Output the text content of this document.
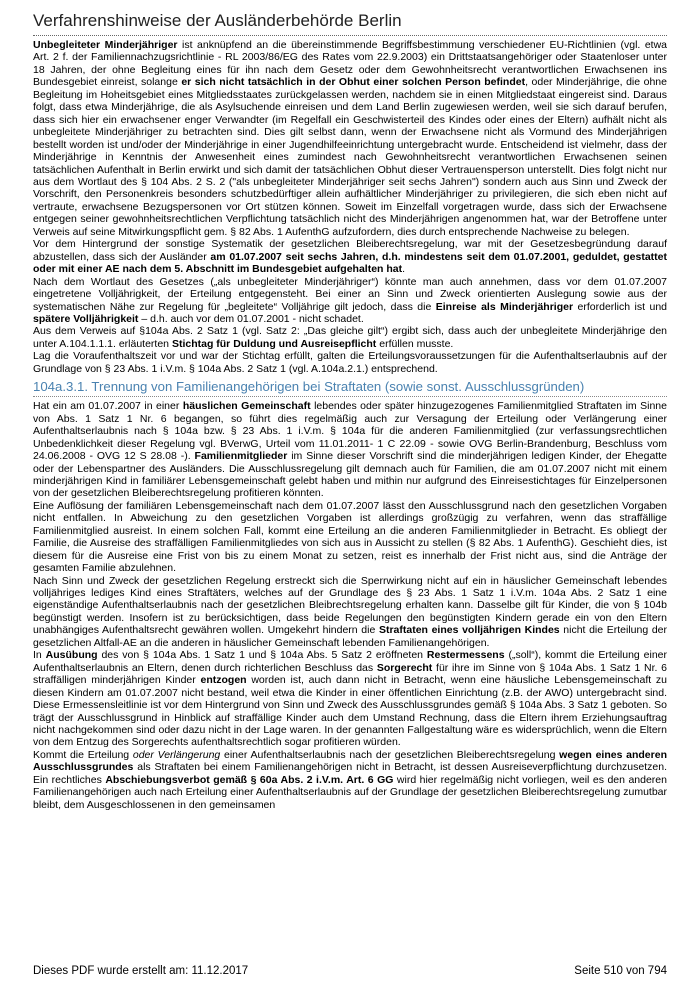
Verfahrenshinweise der Ausländerbehörde Berlin

Unbegleiteter Minderjähriger ist anknüpfend an die übereinstimmende Begriffsbestimmung verschiedener EU-Richtlinien (vgl. etwa Art. 2 f. der Familiennachzugsrichtlinie - RL 2003/86/EG des Rates vom 22.9.2003) ein Drittstaatsangehöriger oder Staatenloser unter 18 Jahren, der ohne Begleitung eines für ihn nach dem Gesetz oder dem Gewohnheitsrecht verantwortlichen Erwachsenen ins Bundesgebiet einreist, solange er sich nicht tatsächlich in der Obhut einer solchen Person befindet, oder Minderjährige, die ohne Begleitung im Hoheitsgebiet eines Mitgliedsstaates zurückgelassen werden, nachdem sie in einen Mitgliedstaat eingereist sind. Daraus folgt, dass etwa Minderjährige, die als Asylsuchende einreisen und dem Land Berlin zugewiesen werden, weil sie sich darauf berufen, dass sich hier ein erwachsener enger Verwandter (im Regelfall ein Geschwisterteil des Kindes oder eines der Eltern) aufhält nicht als unbegleitete Minderjähriger zu betrachten sind. Dies gilt selbst dann, wenn der Erwachsene nicht als Vormund des Minderjährigen bestellt worden ist und/oder der Minderjährige in einer Jugendhilfeeinrichtung untergebracht wurde. Entscheidend ist vielmehr, dass der Minderjährige in Kenntnis der Anwesenheit eines zumindest nach Gewohnheitsrecht verantwortlichen Erwachsenen seinen tatsächlichen Aufenthalt in Berlin erwirkt und sich damit der tatsächlichen Obhut dieser Vertrauensperson unterstellt. Dies folgt nicht nur aus dem Wortlaut des § 104 Abs. 2 S. 2 ("als unbegleiteter Minderjähriger seit sechs Jahren") sondern auch aus Sinn und Zweck der Vorschrift, den Personenkreis besonders schutzbedürftiger allein aufhältlicher Minderjähriger zu privilegieren, die sich eben nicht auf vertraute, erwachsene Bezugspersonen vor Ort stützen können. Soweit im Einzelfall vorgetragen wurde, dass sich der Erwachsene entgegen seiner gewohnheitsrechtlichen Verpflichtung tatsächlich nicht des Minderjährigen angenommen hat, war der Betroffene unter Verweis auf seine Mitwirkungspflicht gem. § 82 Abs. 1 AufenthG aufzufordern, dies durch entsprechende Nachweise zu belegen.

Vor dem Hintergrund der sonstige Systematik der gesetzlichen Bleiberechtsregelung, war mit der Gesetzesbegründung darauf abzustellen, dass sich der Ausländer am 01.07.2007 seit sechs Jahren, d.h. mindestens seit dem 01.07.2001, geduldet, gestattet oder mit einer AE nach dem 5. Abschnitt im Bundesgebiet aufgehalten hat.

Nach dem Wortlaut des Gesetzes („als unbegleiteter Minderjähriger“) könnte man auch annehmen, dass vor dem 01.07.2007 eingetretene Volljährigkeit, der Erteilung entgegensteht. Bei einer an Sinn und Zweck orientierten Auslegung sowie aus der systematischen Nähe zur Regelung für „begleitete“ Volljährige gilt jedoch, dass die Einreise als Minderjähriger erforderlich ist und spätere Volljährigkeit – d.h. auch vor dem 01.07.2001 - nicht schadet.

Aus dem Verweis auf §104a Abs. 2 Satz 1 (vgl. Satz 2: „Das gleiche gilt“) ergibt sich, dass auch der unbegleitete Minderjährige den unter A.104.1.1.1. erläuterten Stichtag für Duldung und Ausreisepflicht erfüllen musste.

Lag die Voraufenthaltszeit vor und war der Stichtag erfüllt, galten die Erteilungsvoraussetzungen für die Aufenthaltserlaubnis auf der Grundlage von § 23 Abs. 1 i.V.m. § 104a Abs. 2 Satz 1 (vgl. A.104a.2.1.) entsprechend.

104a.3.1. Trennung von Familienangehörigen bei Straftaten (sowie sonst. Ausschlussgründen)

Hat ein am 01.07.2007 in einer häuslichen Gemeinschaft lebendes oder später hinzugezogenes Familienmitglied Straftaten im Sinne von Abs. 1 Satz 1 Nr. 6 begangen, so führt dies regelmäßig auch zur Versagung der Erteilung oder Verlängerung einer Aufenthaltserlaubnis nach § 104a bzw. § 23 Abs. 1 i.V.m. § 104a für die anderen Familienmitglied (zur verfassungsrechtlichen Unbedenklichkeit dieser Regelung vgl. BVerwG, Urteil vom 11.01.2011- 1 C 22.09 - sowie OVG Berlin-Brandenburg, Beschluss vom 24.06.2008 - OVG 12 S 28.08 -). Familienmitglieder im Sinne dieser Vorschrift sind die minderjährigen ledigen Kinder, der Ehegatte oder der Lebenspartner des Ausländers. Die Ausschlussregelung gilt demnach auch für Familien, die am 01.07.2007 nicht mit einem minderjährigen Kind in familiärer Lebensgemeinschaft gelebt haben und mithin nur aufgrund des Einreisestichtages für Einzelpersonen von der gesetzlichen Bleiberechtsregelung profitieren könnten.

Eine Auflösung der familiären Lebensgemeinschaft nach dem 01.07.2007 lässt den Ausschlussgrund nach den gesetzlichen Vorgaben nicht entfallen. In Abweichung zu den gesetzlichen Vorgaben ist allerdings großzügig zu verfahren, wenn das straffällige Familienmitglied ausreist. In einem solchen Fall, kommt eine Erteilung an die anderen Familienmitglieder in Betracht. Es obliegt der Familie, die Ausreise des straffälligen Familienmitgliedes von sich aus in Aussicht zu stellen (§ 82 Abs. 1 AufenthG). Geschieht dies, ist diesem für die Ausreise eine Frist von bis zu einem Monat zu setzen, reist es innerhalb der Frist nicht aus, sind die Anträge der gesamten Familie abzulehnen.

Nach Sinn und Zweck der gesetzlichen Regelung erstreckt sich die Sperrwirkung nicht auf ein in häuslicher Gemeinschaft lebendes volljähriges lediges Kind eines Straftäters, welches auf der Grundlage des § 23 Abs. 1 Satz 1 i.V.m. 104a Abs. 2 Satz 1 eine eigenständige Aufenthaltserlaubnis nach der gesetzlichen Bleibrechtsregelung erhalten kann. Dasselbe gilt für Kinder, die von § 104b begünstigt werden. Insofern ist zu berücksichtigen, dass beide Regelungen den begünstigten Kindern gerade ein von den Eltern unabhängiges Aufenthaltsrecht gewähren wollen. Umgekehrt hindern die Straftaten eines volljährigen Kindes nicht die Erteilung der gesetzlichen Altfall-AE an die anderen in häuslicher Gemeinschaft lebenden Familienangehörigen.

In Ausübung des von § 104a Abs. 1 Satz 1 und § 104a Abs. 5 Satz 2 eröffneten Restermessens („soll“), kommt die Erteilung einer Aufenthaltserlaubnis an Eltern, denen durch richterlichen Beschluss das Sorgerecht für ihre im Sinne von § 104a Abs. 1 Satz 1 Nr. 6 straffälligen minderjährigen Kinder entzogen worden ist, auch dann nicht in Betracht, wenn eine häusliche Lebensgemeinschaft zu diesen Kindern am 01.07.2007 nicht bestand, weil etwa die Kinder in einer öffentlichen Einrichtung (z.B. der AWO) untergebracht sind. Diese Ermessensleitlinie ist vor dem Hintergrund von Sinn und Zweck des Ausschlussgrundes gemäß § 104a Abs. 3 Satz 1 geboten. So trägt der Ausschlussgrund in Hinblick auf straffällige Kinder auch dem Umstand Rechnung, dass die Eltern ihrem Erziehungsauftrag nicht nachgekommen sind oder dazu nicht in der Lage waren. In der genannten Fallgestaltung wäre es widersprüchlich, wenn die Eltern von dem Entzug des Sorgerechts aufenthaltsrechtlich sogar profitieren würden.

Kommt die Erteilung oder Verlängerung einer Aufenthaltserlaubnis nach der gesetzlichen Bleiberechtsregelung wegen eines anderen Ausschlussgrundes als Straftaten bei einem Familienangehörigen nicht in Betracht, ist dessen Ausreiseverpflichtung durchzusetzen. Ein rechtliches Abschiebungsverbot gemäß § 60a Abs. 2 i.V.m. Art. 6 GG wird hier regelmäßig nicht vorliegen, weil es den anderen Familienangehörigen auch nach Erteilung einer Aufenthaltserlaubnis auf der Grundlage der gesetzlichen Bleiberechtsregelung zumutbar bleibt, dem Ausgeschlossenen in den gemeinsamen

Dieses PDF wurde erstellt am: 11.12.2017	Seite 510 von 794
